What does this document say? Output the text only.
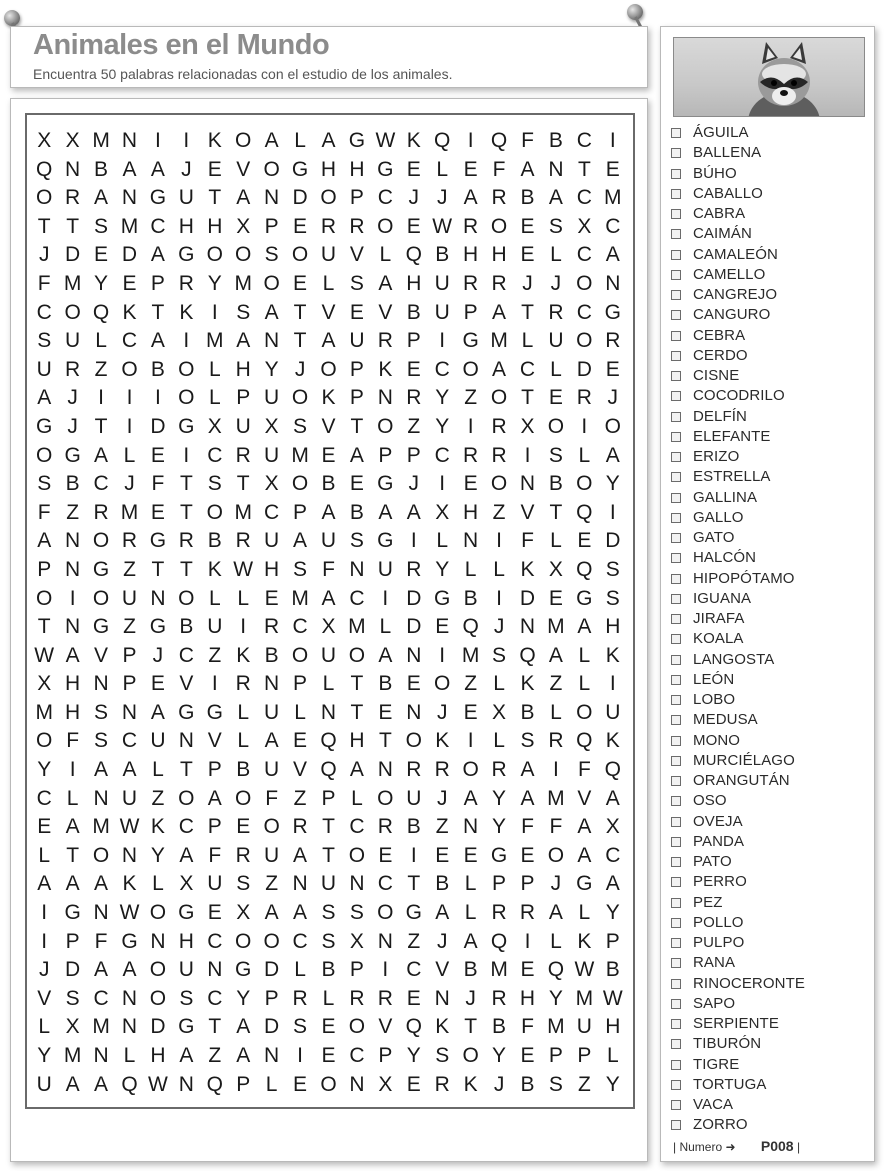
Animales en el Mundo
Encuentra 50 palabras relacionadas con el estudio de los animales.
X X M N I	I K O A L A G W K Q I Q F B C I
Q N B A A J E V O G H H G E L E F A N T E
O R A N G U T A N D O P C J J A R B A C M
T T S M C H H X P E R R O E W R O E S X C
J D E D A G O O S O U V L Q B H H E L C A
F M Y E P R Y M O E L S A H U R R J J O N
C O Q K T K I S A T V E V B U P A T R C G
S U L C A I M A N T A U R P I G M L U O R
U R Z O B O L H Y J O P K E C O A C L D E
A J I	I	I O L P U O K P N R Y Z O T E R J
G J T I D G X U X S V T O Z Y I R X O I O
O G A L E I C R U M E A P P C R R I S L A
S B C J F T S T X O B E G J I E O N B O Y
F Z R M E T O M C P A B A A X H Z V T Q I
A N O R G R B R U A U S G I L N I F L E D
P N G Z T T K W H S F N U R Y L L K X Q S
O I O U N O L L E M A C I D G B I D E G S
T N G Z G B U I R C X M L D E Q J N M A H
W A V P J C Z K B O U O A N I M S Q A L K
X H N P E V I R N P L T B E O Z L K Z L I
M H S N A G G L U L N T E N J E X B L O U
O F S C U N V L A E Q H T O K I L S R Q K
Y I A A L T P B U V Q A N R R O R A I F Q
C L N U Z O A O F Z P L O U J A Y A M V A
E A M W K C P E O R T C R B Z N Y F F A X
L T O N Y A F R U A T O E I E E G E O A C
A A A K L X U S Z N U N C T B L P P J G A
I G N W O G E X A A S S O G A L R R A L Y
I P F G N H C O O C S X N Z J A Q I L K P
J D A A O U N G D L B P I C V B M E Q W B
V S C N O S C Y P R L R R E N J R H Y M W
L X M N D G T A D S E O V Q K T B F M U H
Y M N L H A Z A N I E C P Y S O Y E P P L
U A A Q W N Q P L E O N X E R K J B S Z Y
ÁGUILA
BALLENA
BÚHO
CABALLO
CABRA
CAIMÁN
CAMALEÓN
CAMELLO
CANGREJO
CANGURO
CEBRA
CERDO
CISNE
COCODRILO
DELFÍN
ELEFANTE
ERIZO
ESTRELLA
GALLINA
GALLO
GATO
HALCÓN
HIPOPÓTAMO
IGUANA
JIRAFA
KOALA
LANGOSTA
LEÓN
LOBO
MEDUSA
MONO
MURCIÉLAGO
ORANGUTÁN
OSO
OVEJA
PANDA
PATO
PERRO
PEZ
POLLO
PULPO
RANA
RINOCERONTE
SAPO
SERPIENTE
TIBURÓN
TIGRE
TORTUGA
VACA
ZORRO
| Numero ➜ P008 |
